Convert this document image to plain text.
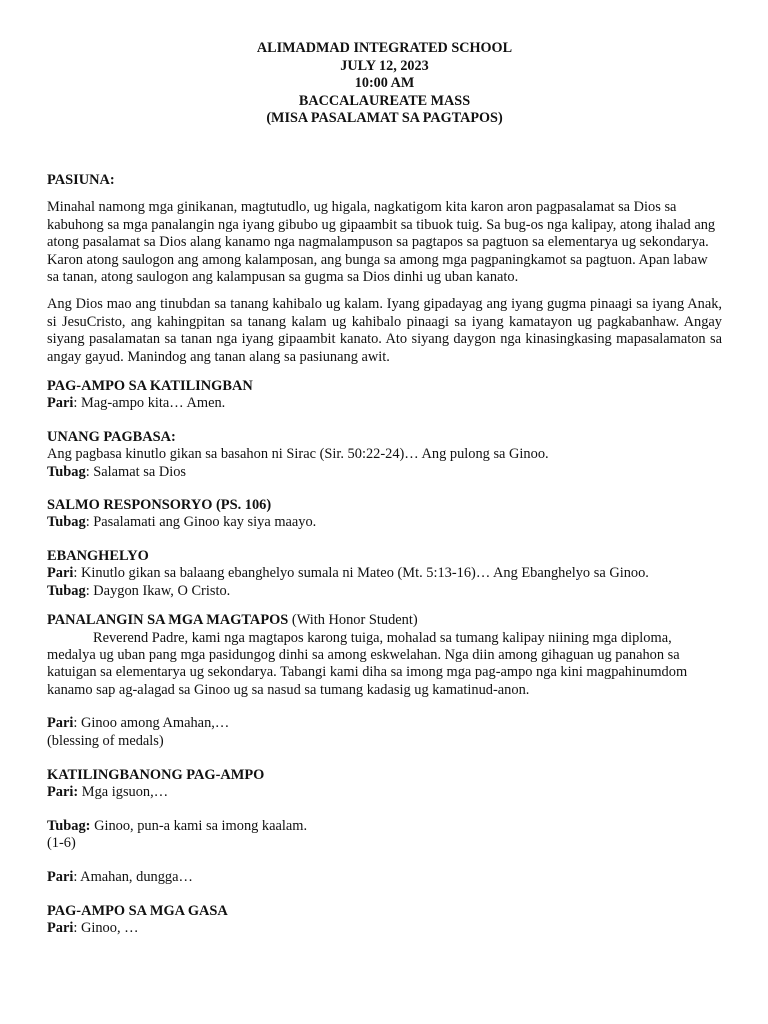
ALIMADMAD INTEGRATED SCHOOL
JULY 12, 2023
10:00 AM
BACCALAUREATE MASS
(MISA PASALAMAT SA PAGTAPOS)
PASIUNA:

Minahal namong mga ginikanan, magtutudlo, ug higala, nagkatigom kita karon aron pagpasalamat sa Dios sa kabuhong sa mga panalangin nga iyang gibubo ug gipaambit sa tibuok tuig. Sa bug-os nga kalipay, atong ihalad ang atong pasalamat sa Dios alang kanamo nga nagmalampuson sa pagtapos sa pagtuon sa elementarya ug sekondarya. Karon atong saulogon ang among kalamposan, ang bunga sa among mga pagpaningkamot sa pagtuon. Apan labaw sa tanan, atong saulogon ang kalampusan sa gugma sa Dios dinhi ug uban kanato.

Ang Dios mao ang tinubdan sa tanang kahibalo ug kalam. Iyang gipadayag ang iyang gugma pinaagi sa iyang Anak, si JesuCristo, ang kahingpitan sa tanang kalam ug kahibalo pinaagi sa iyang kamatayon ug pagkabanhaw. Angay siyang pasalamatan sa tanan nga iyang gipaambit kanato. Ato siyang daygon nga kinasingkasing mapasalamaton sa angay gayud. Manindog ang tanan alang sa pasiunang awit.

PAG-AMPO SA KATILINGBAN
Pari: Mag-ampo kita… Amen.
UNANG PAGBASA:
Ang pagbasa kinutlo gikan sa basahon ni Sirac (Sir. 50:22-24)… Ang pulong sa Ginoo.
Tubag: Salamat sa Dios
SALMO RESPONSORYO (PS. 106)
Tubag: Pasalamati ang Ginoo kay siya maayo.
EBANGHELYO
Pari: Kinutlo gikan sa balaang ebanghelyo sumala ni Mateo (Mt. 5:13-16)… Ang Ebanghelyo sa Ginoo.
Tubag: Daygon Ikaw, O Cristo.
PANALANGIN SA MGA MAGTAPOS (With Honor Student)

Reverend Padre, kami nga magtapos karong tuiga, mohalad sa tumang kalipay niining mga diploma, medalya ug uban pang mga pasidungog dinhi sa among eskwelahan. Nga diin among gihaguan ug panahon sa katuigan sa elementarya ug sekondarya. Tabangi kami diha sa imong mga pag-ampo nga kini magpahinumdom kanamo sap ag-alagad sa Ginoo ug sa nasud sa tumang kadasig ug kamatinud-anon.

Pari: Ginoo among Amahan,…
(blessing of medals)
KATILINGBANONG PAG-AMPO
Pari: Mga igsuon,…
Tubag: Ginoo, pun-a kami sa imong kaalam.
(1-6)
Pari: Amahan, dungga…
PAG-AMPO SA MGA GASA
Pari: Ginoo, …
